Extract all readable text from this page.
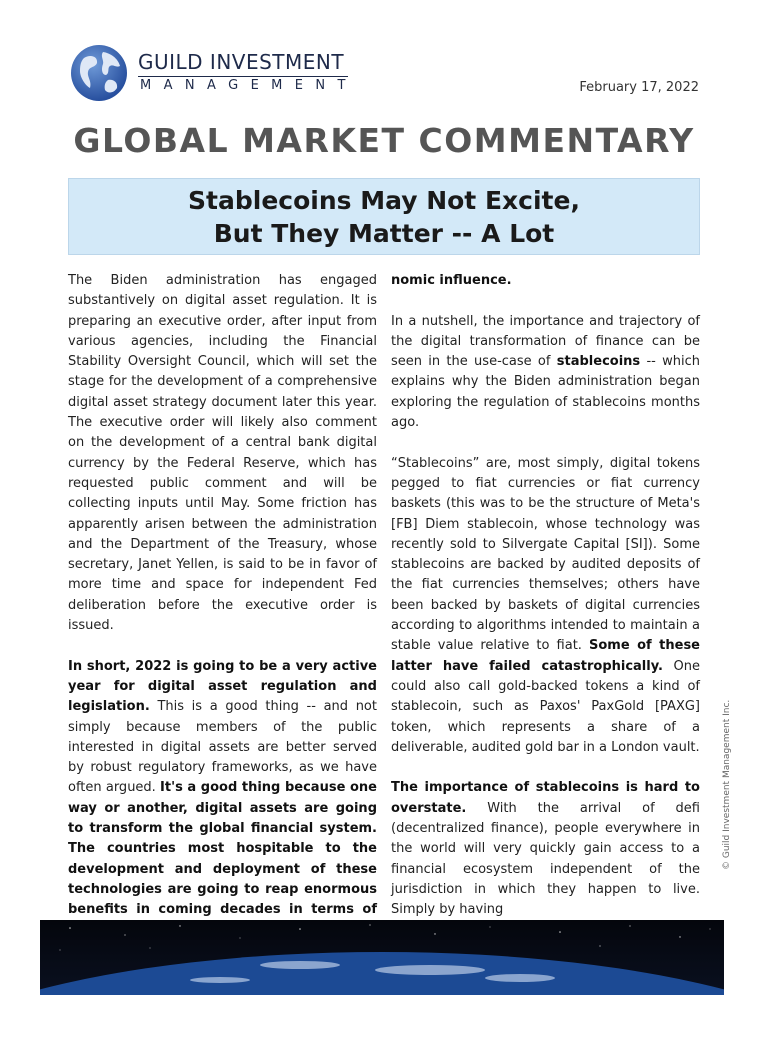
GUILD INVESTMENT
MANAGEMENT	February 17, 2022
GLOBAL MARKET COMMENTARY
Stablecoins May Not Excite,
But They Matter -- A Lot

The Biden administration has engaged substantively on digital asset regulation. It is preparing an executive order, after input from various agencies, including the Financial Stability Oversight Council, which will set the stage for the development of a comprehensive digital asset strategy document later this year. The executive order will likely also comment on the development of a central bank digital currency by the Federal Reserve, which has requested public comment and will be collecting inputs until May. Some friction has apparently arisen between the administration and the Department of the Treasury, whose secretary, Janet Yellen, is said to be in favor of more time and space for independent Fed deliberation before the executive order is issued.

In short, 2022 is going to be a very active year for digital asset regulation and legislation. This is a good thing -- and not simply because members of the public interested in digital assets are better served by robust regulatory frameworks, as we have often argued. It's a good thing because one way or another, digital assets are going to transform the global financial system. The countries most hospitable to the development and deployment of these technologies are going to reap enormous benefits in coming decades in terms of

nomic influence.

In a nutshell, the importance and trajectory of the digital transformation of finance can be seen in the use-case of stablecoins -- which explains why the Biden administration began exploring the regulation of stablecoins months ago.

“Stablecoins” are, most simply, digital tokens pegged to fiat currencies or fiat currency baskets (this was to be the structure of Meta's [FB] Diem stablecoin, whose technology was recently sold to Silvergate Capital [SI]). Some stablecoins are backed by audited deposits of the fiat currencies themselves; others have been backed by baskets of digital currencies according to algorithms intended to maintain a stable value relative to fiat. Some of these latter have failed catastrophically. One could also call gold-backed tokens a kind of stablecoin, such as Paxos' PaxGold [PAXG] token, which represents a share of a deliverable, audited gold bar in a London vault.

The importance of stablecoins is hard to overstate. With the arrival of defi (decentralized finance), people everywhere in the world will very quickly gain access to a financial ecosystem independent of the jurisdiction in which they happen to live. Simply by having

© Guild Investment Management Inc.
